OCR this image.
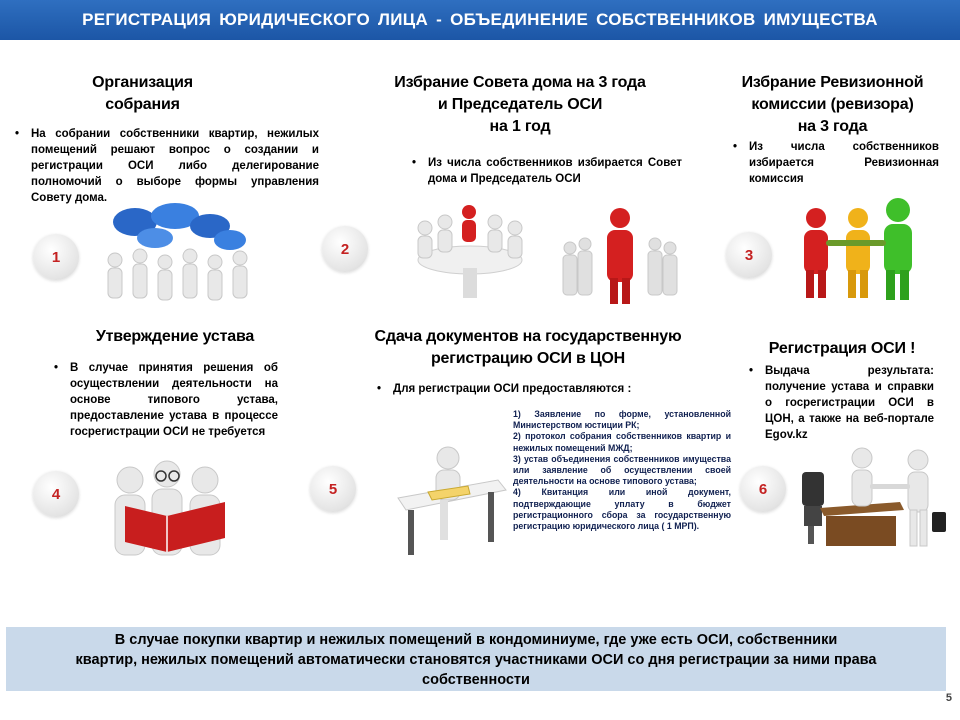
РЕГИСТРАЦИЯ ЮРИДИЧЕСКОГО ЛИЦА - ОБЪЕДИНЕНИЕ СОБСТВЕННИКОВ ИМУЩЕСТВА
Организация
собрания
• На собрании собственники квартир, нежилых помещений решают вопрос о создании и регистрации ОСИ либо делегирование полномочий о выборе формы управления Совету дома.
1
Избрание Совета дома на 3 года
и Председатель ОСИ
на 1 год
• Из числа собственников избирается Совет дома и Председатель ОСИ
2
Избрание Ревизионной
комиссии (ревизора)
на 3 года
• Из числа собственников избирается Ревизионная комиссия
3
Утверждение устава
• В случае принятия решения об осуществлении деятельности на основе типового устава, предоставление устава в процессе госрегистрации ОСИ не требуется
4
Сдача документов на государственную
регистрацию ОСИ в ЦОН
• Для регистрации ОСИ предоставляются :
5

1) Заявление по форме, установленной Министерством юстиции РК;

2) протокол собрания собственников квартир и нежилых помещений МЖД;

3) устав объединения собственников имущества или заявление об осуществлении своей деятельности на основе типового устава;

4) Квитанция или иной документ, подтверждающие уплату в бюджет регистрационного сбора за государственную регистрацию юридического лица ( 1 МРП).

Регистрация ОСИ !
• Выдача результата: получение устава и справки о госрегистрации ОСИ в ЦОН, а также на веб-портале Egov.kz
6
В случае покупки квартир и нежилых помещений в кондоминиуме, где уже есть ОСИ, собственники
квартир, нежилых помещений автоматически становятся участниками ОСИ со дня регистрации за ними права
собственности
5
